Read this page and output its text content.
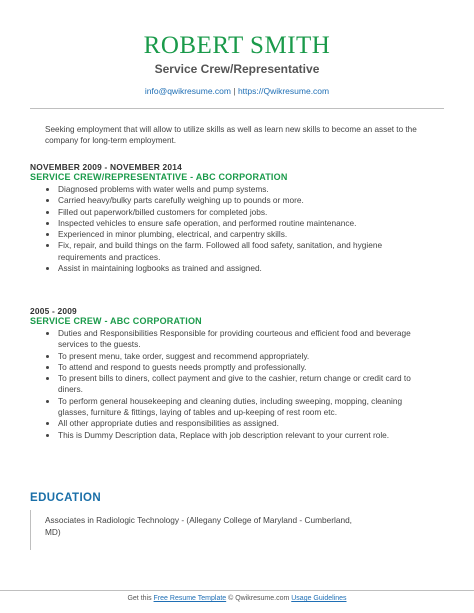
ROBERT SMITH
Service Crew/Representative
info@qwikresume.com | https://Qwikresume.com
Seeking employment that will allow to utilize skills as well as learn new skills to become an asset to the company for long-term employment.
NOVEMBER 2009 - NOVEMBER 2014
SERVICE CREW/REPRESENTATIVE - ABC CORPORATION
• Diagnosed problems with water wells and pump systems.
• Carried heavy/bulky parts carefully weighing up to pounds or more.
• Filled out paperwork/billed customers for completed jobs.
• Inspected vehicles to ensure safe operation, and performed routine maintenance.
• Experienced in minor plumbing, electrical, and carpentry skills.
• Fix, repair, and build things on the farm. Followed all food safety, sanitation, and hygiene requirements and practices.
• Assist in maintaining logbooks as trained and assigned.
2005 - 2009
SERVICE CREW - ABC CORPORATION
• Duties and Responsibilities Responsible for providing courteous and efficient food and beverage services to the guests.
• To present menu, take order, suggest and recommend appropriately.
• To attend and respond to guests needs promptly and professionally.
• To present bills to diners, collect payment and give to the cashier, return change or credit card to diners.
• To perform general housekeeping and cleaning duties, including sweeping, mopping, cleaning glasses, furniture & fittings, laying of tables and up-keeping of rest room etc.
• All other appropriate duties and responsibilities as assigned.
• This is Dummy Description data, Replace with job description relevant to your current role.
EDUCATION
Associates in Radiologic Technology - (Allegany College of Maryland - Cumberland, MD)
Get this Free Resume Template © Qwikresume.com Usage Guidelines
